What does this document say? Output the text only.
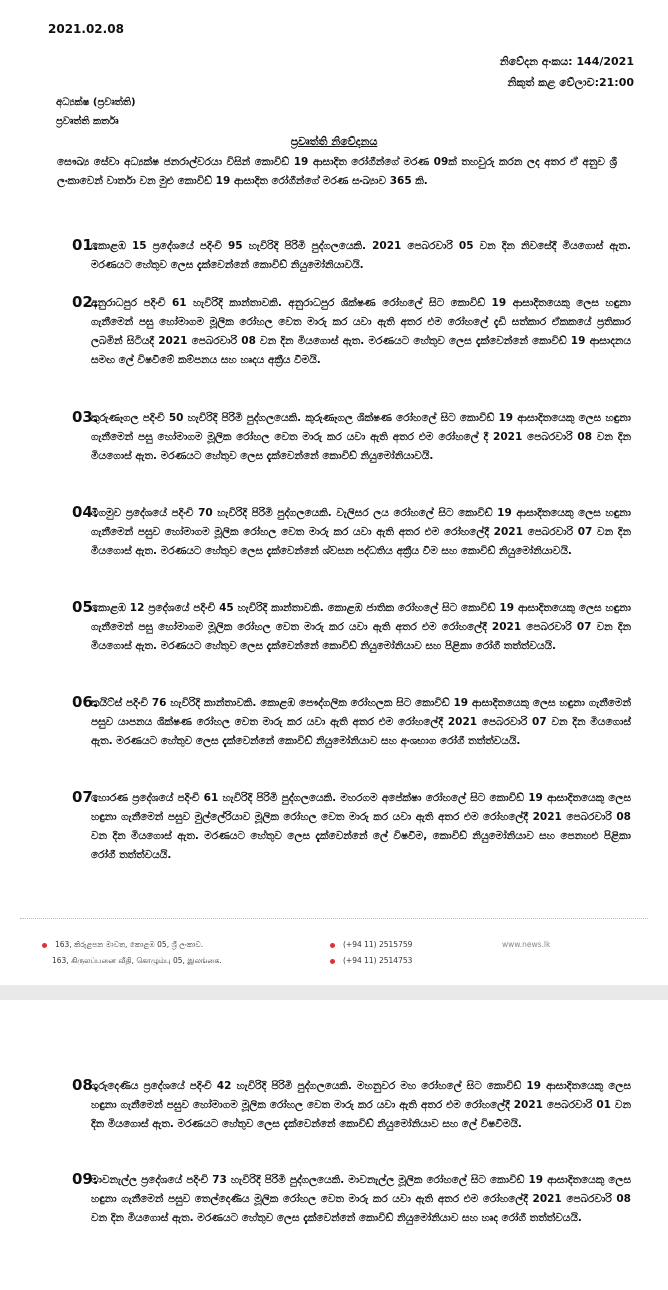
2021.02.08
නිවේදන අංකය: 144/2021
නිකුත් කළ වේලාව:21:00
අධ්‍යක්ෂ (ප්‍රවෘත්ති)
ප්‍රවෘත්ති කර්තෘ
ප්‍රවෘත්ති නිවේදනය
සෞඛ්‍ය සේවා අධ්‍යක්ෂ ජනරාල්වරයා විසින් කොවිඩ් 19 ආසාදිත රෝගීන්ගේ මරණ 09ක් තහවුරු කරන ලද අතර ඒ අනුව ශ්‍රී ලංකාවෙන් වාර්තා වන මුළු කොවිඩ් 19 ආසාදිත රෝගීන්ගේ මරණ සංඛ්‍යාව 365 කි.
01.
කොළඹ 15 ප්‍රදේශයේ පදිංචි 95 හැවිරිදි පිරිමි පුද්ගලයෙකි. 2021 පෙබරවාරි 05 වන දින නිවසේදී මියගොස් ඇත. මරණයට හේතුව ලෙස දැක්වෙන්නේ කොවිඩ් නියුමෝනියාවයි.
02.
අනුරාධපුර පදිංචි 61 හැවිරිදි කාන්තාවකි. අනුරාධපුර ශික්ෂණ රෝහලේ සිට කොවිඩ් 19 ආසාදිතයෙකු ලෙස හඳුනා ගැනීමෙන් පසු හෝමාගම මූලික රෝහල වෙත මාරු කර යවා ඇති අතර එම රෝහලේ දැඩි සත්කාර ඒකකයේ ප්‍රතිකාර ලබමින් සිටියදී 2021 පෙබරවාරි 08 වන දින මියගොස් ඇත. මරණයට හේතුව ලෙස දැක්වෙන්නේ කොවිඩ් 19 ආසාදනය සමඟ ලේ විෂවීමේ කම්පනය සහ හෘදය අක්‍රීය වීමයි.
03.
කුරුණෑගල පදිංචි 50 හැවිරිදි පිරිමි පුද්ගලයෙකි. කුරුණෑගල ශික්ෂණ රෝහලේ සිට කොවිඩ් 19 ආසාදිතයෙකු ලෙස හඳුනා ගැනීමෙන් පසු හෝමාගම මූලික රෝහල වෙත මාරු කර යවා ඇති අතර එම රෝහලේ දී 2021 පෙබරවාරි 08 වන දින මියගොස් ඇත. මරණයට හේතුව ලෙස දැක්වෙන්නේ කොවිඩ් නියුමෝනියාවයි.
04.
මීගමුව ප්‍රදේශයේ පදිංචි 70 හැවිරිදි පිරිමි පුද්ගලයෙකි. වැලිසර ලය රෝහලේ සිට කොවිඩ් 19 ආසාදිතයෙකු ලෙස හඳුනා ගැනීමෙන් පසුව හෝමාගම මූලික රෝහල වෙත මාරු කර යවා ඇති අතර එම රෝහලේදී 2021 පෙබරවාරි 07 වන දින මියගොස් ඇත. මරණයට හේතුව ලෙස දැක්වෙන්නේ ශ්වසන පද්ධතිය අක්‍රීය වීම සහ කොවිඩ් නියුමෝනියාවයි.
05.
කොළඹ 12 ප්‍රදේශයේ පදිංචි 45 හැවිරිදි කාන්තාවකි. කොළඹ ජාතික රෝහලේ සිට කොවිඩ් 19 ආසාදිතයෙකු ලෙස හඳුනා ගැනීමෙන් පසු හෝමාගම මූලික රෝහල වෙත මාරු කර යවා ඇති අතර එම රෝහලේදී 2021 පෙබරවාරි 07 වන දින මියගොස් ඇත. මරණයට හේතුව ලෙස දැක්වෙන්නේ කොවිඩ් නියුමෝනියාව සහ පිළිකා රෝගී තත්ත්වයයි.
06.
කයිට්ස් පදිංචි 76 හැවිරිදි කාන්තාවකි. කොළඹ පෞද්ගලික රෝහලක සිට කොවිඩ් 19 ආසාදිතයෙකු ලෙස හඳුනා ගැනීමෙන් පසුව යාපනය ශික්ෂණ රෝහල වෙත මාරු කර යවා ඇති අතර එම රෝහලේදී 2021 පෙබරවාරි 07 වන දින මියගොස් ඇත. මරණයට හේතුව ලෙස දැක්වෙන්නේ කොවිඩ් නියුමෝනියාව සහ අංශභාග රෝගී තත්ත්වයයි.
07.
හොරණ ප්‍රදේශයේ පදිංචි 61 හැවිරිදි පිරිමි පුද්ගලයෙකි. මහරගම අපේක්ෂා රෝහලේ සිට කොවිඩ් 19 ආසාදිතයෙකු ලෙස හඳුනා ගැනීමෙන් පසුව මුල්ලේරියාව මූලික රෝහල වෙත මාරු කර යවා ඇති අතර එම රෝහලේදී 2021 පෙබරවාරි 08 වන දින මියගොස් ඇත. මරණයට හේතුව ලෙස දැක්වෙන්නේ ලේ විෂවීම, කොවිඩ් නියුමෝනියාව සහ පෙනහළු පිළිකා රෝගී තත්ත්වයයි.
163, කිරුළපන මාවත, කොළඹ 05, ශ්‍රී ලංකාව.
163, கிருலப்பனை வீதி, கொழும்பு 05, இலங்கை.
(+94 11) 2515759
(+94 11) 2514753
www.news.lk
08.
ගුරුදෙණිය ප්‍රදේශයේ පදිංචි 42 හැවිරිදි පිරිමි පුද්ගලයෙකි. මහනුවර මහ රෝහලේ සිට කොවිඩ් 19 ආසාදිතයෙකු ලෙස හඳුනා ගැනීමෙන් පසුව හෝමාගම මූලික රෝහල වෙත මාරු කර යවා ඇති අතර එම රෝහලේදී 2021 පෙබරවාරි 01 වන දින මියගොස් ඇත. මරණයට හේතුව ලෙස දැක්වෙන්නේ කොවිඩ් නියුමෝනියාව සහ ලේ විෂවීමයි.
09.
මාවනැල්ල ප්‍රදේශයේ පදිංචි 73 හැවිරිදි පිරිමි පුද්ගලයෙකි. මාවනැල්ල මූලික රෝහලේ සිට කොවිඩ් 19 ආසාදිතයෙකු ලෙස හඳුනා ගැනීමෙන් පසුව තෙල්දෙණිය මූලික රෝහල වෙත මාරු කර යවා ඇති අතර එම රෝහලේදී 2021 පෙබරවාරි 08 වන දින මියගොස් ඇත. මරණයට හේතුව ලෙස දැක්වෙන්නේ කොවිඩ් නියුමෝනියාව සහ හෘද රෝගී තත්ත්වයයි.
